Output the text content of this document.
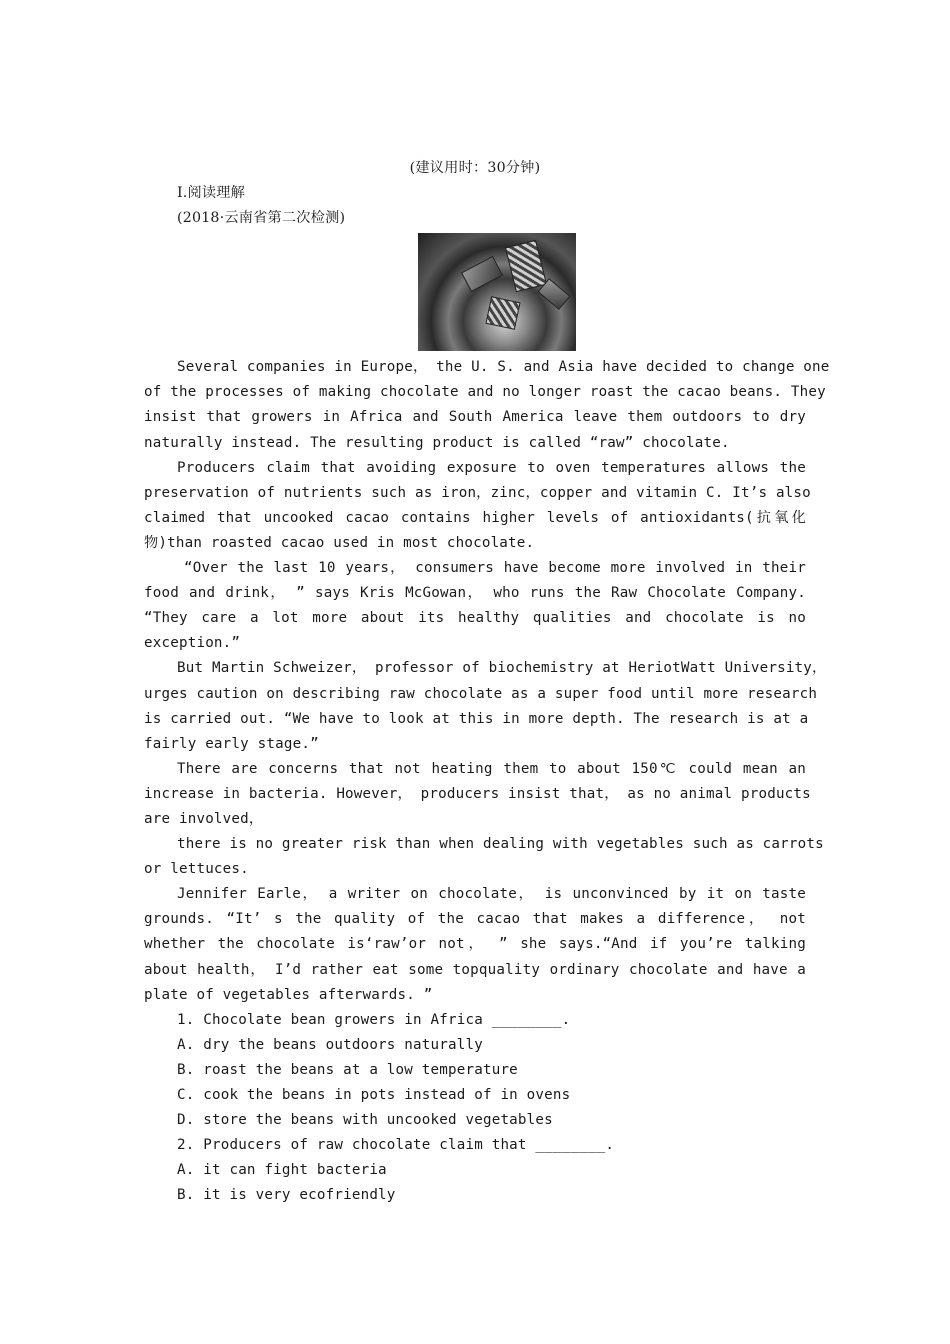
(建议用时：30分钟)
Ⅰ.阅读理解
(2018·云南省第二次检测)
Several companies in Europe， the U. S. and Asia have decided to change one
of the processes of making chocolate and no longer roast the cacao beans. They
insist that growers in Africa and South America leave them outdoors to dry
naturally instead. The resulting product is called “raw” chocolate.
Producers claim that avoiding exposure to oven temperatures allows the
preservation of nutrients such as iron，zinc，copper and vitamin C. It’s also
claimed that uncooked cacao contains higher levels of antioxidants(抗氧化
物)than roasted cacao used in most chocolate.
“Over the last 10 years， consumers have become more involved in their
food and drink， ” says Kris McGowan， who runs the Raw Chocolate Company.
“They care a lot more about its healthy qualities and chocolate is no
exception.”
But Martin Schweizer， professor of biochemistry at HeriotWatt University，
urges caution on describing raw chocolate as a super food until more research
is carried out. “We have to look at this in more depth. The research is at a
fairly early stage.”
There are concerns that not heating them to about 150℃ could mean an
increase in bacteria. However， producers insist that， as no animal products
are involved，
there is no greater risk than when dealing with vegetables such as carrots
or lettuces.
Jennifer Earle， a writer on chocolate， is unconvinced by it on taste
grounds. “It’ s the quality of the cacao that makes a difference， not
whether the chocolate is‘raw’or not， ” she says.“And if you’re talking
about health， I’d rather eat some topquality ordinary chocolate and have a
plate of vegetables afterwards. ”
1. Chocolate bean growers in Africa ________.
A. dry the beans outdoors naturally
B. roast the beans at a low temperature
C. cook the beans in pots instead of in ovens
D. store the beans with uncooked vegetables
2. Producers of raw chocolate claim that ________.
A. it can fight bacteria
B. it is very ecofriendly
